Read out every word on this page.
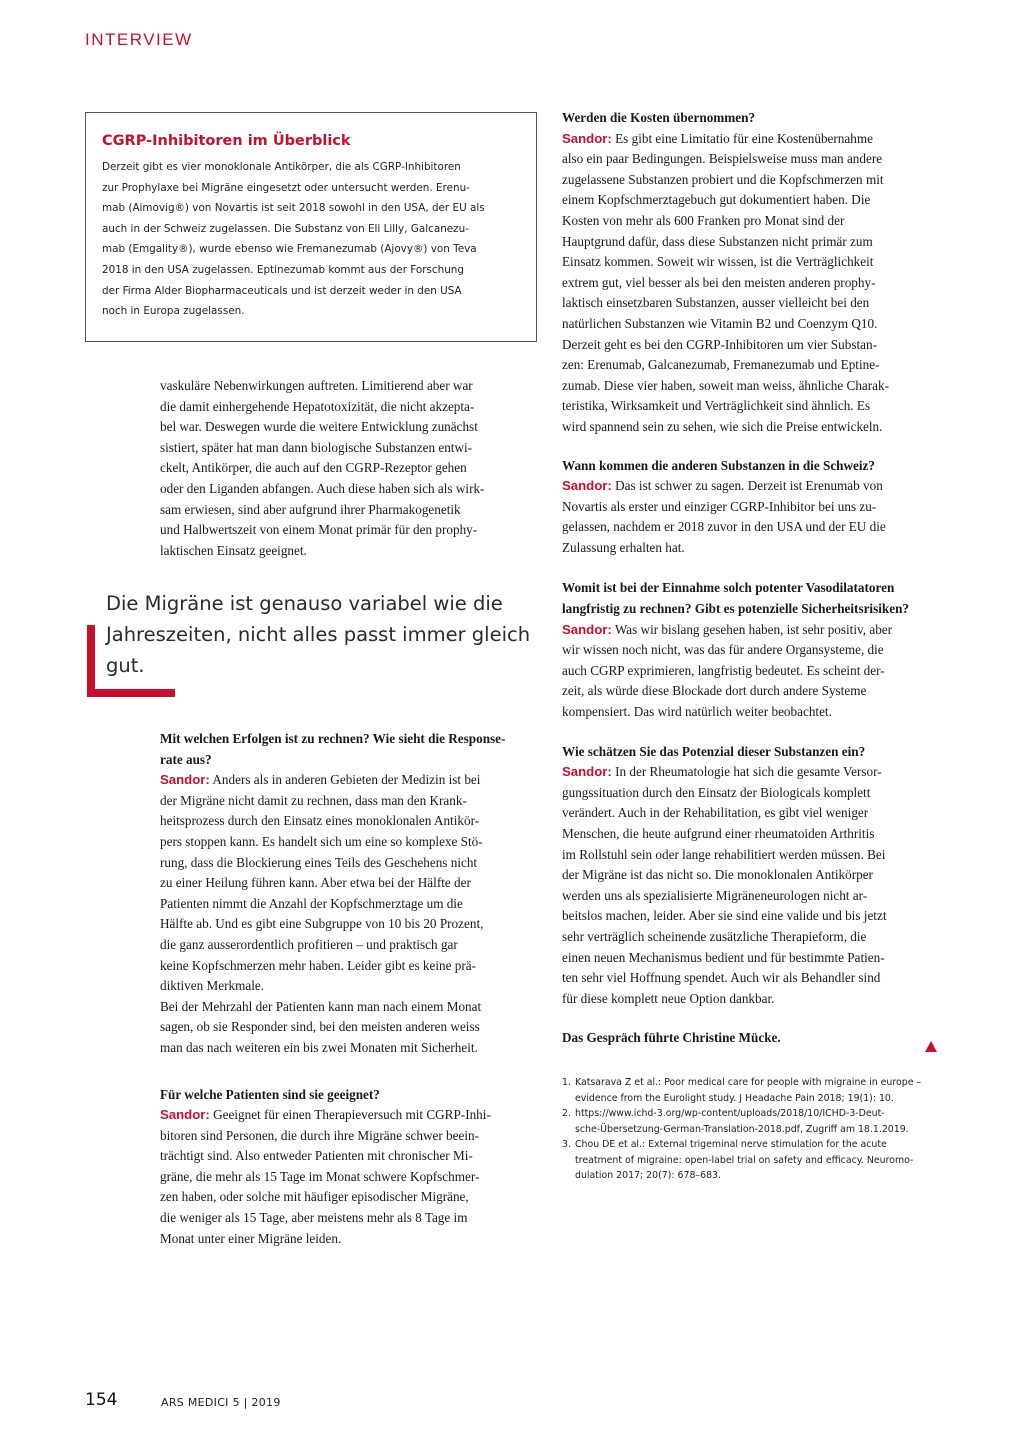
INTERVIEW
CGRP-Inhibitoren im Überblick
Derzeit gibt es vier monoklonale Antikörper, die als CGRP-Inhibitoren
zur Prophylaxe bei Migräne eingesetzt oder untersucht werden. Erenu-
mab (Aimovig®) von Novartis ist seit 2018 sowohl in den USA, der EU als
auch in der Schweiz zugelassen. Die Substanz von Eli Lilly, Galcanezu-
mab (Emgality®), wurde ebenso wie Fremanezumab (Ajovy®) von Teva
2018 in den USA zugelassen. Eptinezumab kommt aus der Forschung
der Firma Alder Biopharmaceuticals und ist derzeit weder in den USA
noch in Europa zugelassen.

vaskuläre Nebenwirkungen auftreten. Limitierend aber war
die damit einhergehende Hepatotoxizität, die nicht akzepta-
bel war. Deswegen wurde die weitere Entwicklung zunächst
sistiert, später hat man dann biologische Substanzen entwi-
ckelt, Antikörper, die auch auf den CGRP-Rezeptor gehen
oder den Liganden abfangen. Auch diese haben sich als wirk-
sam erwiesen, sind aber aufgrund ihrer Pharmakogenetik
und Halbwertszeit von einem Monat primär für den prophy-
laktischen Einsatz geeignet.

Die Migräne ist genauso variabel wie die
Jahreszeiten, nicht alles passt immer gleich
gut.
Mit welchen Erfolgen ist zu rechnen? Wie sieht die Response-
rate aus?

Sandor: Anders als in anderen Gebieten der Medizin ist bei
der Migräne nicht damit zu rechnen, dass man den Krank-
heitsprozess durch den Einsatz eines monoklonalen Antikör-
pers stoppen kann. Es handelt sich um eine so komplexe Stö-
rung, dass die Blockierung eines Teils des Geschehens nicht
zu einer Heilung führen kann. Aber etwa bei der Hälfte der
Patienten nimmt die Anzahl der Kopfschmerztage um die
Hälfte ab. Und es gibt eine Subgruppe von 10 bis 20 Prozent,
die ganz ausserordentlich profitieren – und praktisch gar
keine Kopfschmerzen mehr haben. Leider gibt es keine prä-
diktiven Merkmale.
Bei der Mehrzahl der Patienten kann man nach einem Monat
sagen, ob sie Responder sind, bei den meisten anderen weiss
man das nach weiteren ein bis zwei Monaten mit Sicherheit.

Für welche Patienten sind sie geeignet?

Sandor: Geeignet für einen Therapieversuch mit CGRP-Inhi-
bitoren sind Personen, die durch ihre Migräne schwer beein-
trächtigt sind. Also entweder Patienten mit chronischer Mi-
gräne, die mehr als 15 Tage im Monat schwere Kopfschmer-
zen haben, oder solche mit häufiger episodischer Migräne,
die weniger als 15 Tage, aber meistens mehr als 8 Tage im
Monat unter einer Migräne leiden.

Werden die Kosten übernommen?

Sandor: Es gibt eine Limitatio für eine Kostenübernahme
also ein paar Bedingungen. Beispielsweise muss man andere
zugelassene Substanzen probiert und die Kopfschmerzen mit
einem Kopfschmerztagebuch gut dokumentiert haben. Die
Kosten von mehr als 600 Franken pro Monat sind der
Hauptgrund dafür, dass diese Substanzen nicht primär zum
Einsatz kommen. Soweit wir wissen, ist die Verträglichkeit
extrem gut, viel besser als bei den meisten anderen prophy-
laktisch einsetzbaren Substanzen, ausser vielleicht bei den
natürlichen Substanzen wie Vitamin B2 und Coenzym Q10.
Derzeit geht es bei den CGRP-Inhibitoren um vier Substan-
zen: Erenumab, Galcanezumab, Fremanezumab und Eptine-
zumab. Diese vier haben, soweit man weiss, ähnliche Charak-
teristika, Wirksamkeit und Verträglichkeit sind ähnlich. Es
wird spannend sein zu sehen, wie sich die Preise entwickeln.

Wann kommen die anderen Substanzen in die Schweiz?

Sandor: Das ist schwer zu sagen. Derzeit ist Erenumab von
Novartis als erster und einziger CGRP-Inhibitor bei uns zu-
gelassen, nachdem er 2018 zuvor in den USA und der EU die
Zulassung erhalten hat.

Womit ist bei der Einnahme solch potenter Vasodilatatoren
langfristig zu rechnen? Gibt es potenzielle Sicherheitsrisiken?

Sandor: Was wir bislang gesehen haben, ist sehr positiv, aber
wir wissen noch nicht, was das für andere Organsysteme, die
auch CGRP exprimieren, langfristig bedeutet. Es scheint der-
zeit, als würde diese Blockade dort durch andere Systeme
kompensiert. Das wird natürlich weiter beobachtet.

Wie schätzen Sie das Potenzial dieser Substanzen ein?

Sandor: In der Rheumatologie hat sich die gesamte Versor-
gungssituation durch den Einsatz der Biologicals komplett
verändert. Auch in der Rehabilitation, es gibt viel weniger
Menschen, die heute aufgrund einer rheumatoiden Arthritis
im Rollstuhl sein oder lange rehabilitiert werden müssen. Bei
der Migräne ist das nicht so. Die monoklonalen Antikörper
werden uns als spezialisierte Migräneneurologen nicht ar-
beitslos machen, leider. Aber sie sind eine valide und bis jetzt
sehr verträglich scheinende zusätzliche Therapieform, die
einen neuen Mechanismus bedient und für bestimmte Patien-
ten sehr viel Hoffnung spendet. Auch wir als Behandler sind
für diese komplett neue Option dankbar.

Das Gespräch führte Christine Mücke.
1. Katsarava Z et al.: Poor medical care for people with migraine in europe –
evidence from the Eurolight study. J Headache Pain 2018; 19(1): 10.
2. https://www.ichd-3.org/wp-content/uploads/2018/10/ICHD-3-Deut-
sche-Übersetzung-German-Translation-2018.pdf, Zugriff am 18.1.2019.
3. Chou DE et al.: External trigeminal nerve stimulation for the acute
treatment of migraine: open-label trial on safety and efficacy. Neuromo-
dulation 2017; 20(7): 678–683.
154	ARS MEDICI 5 | 2019
